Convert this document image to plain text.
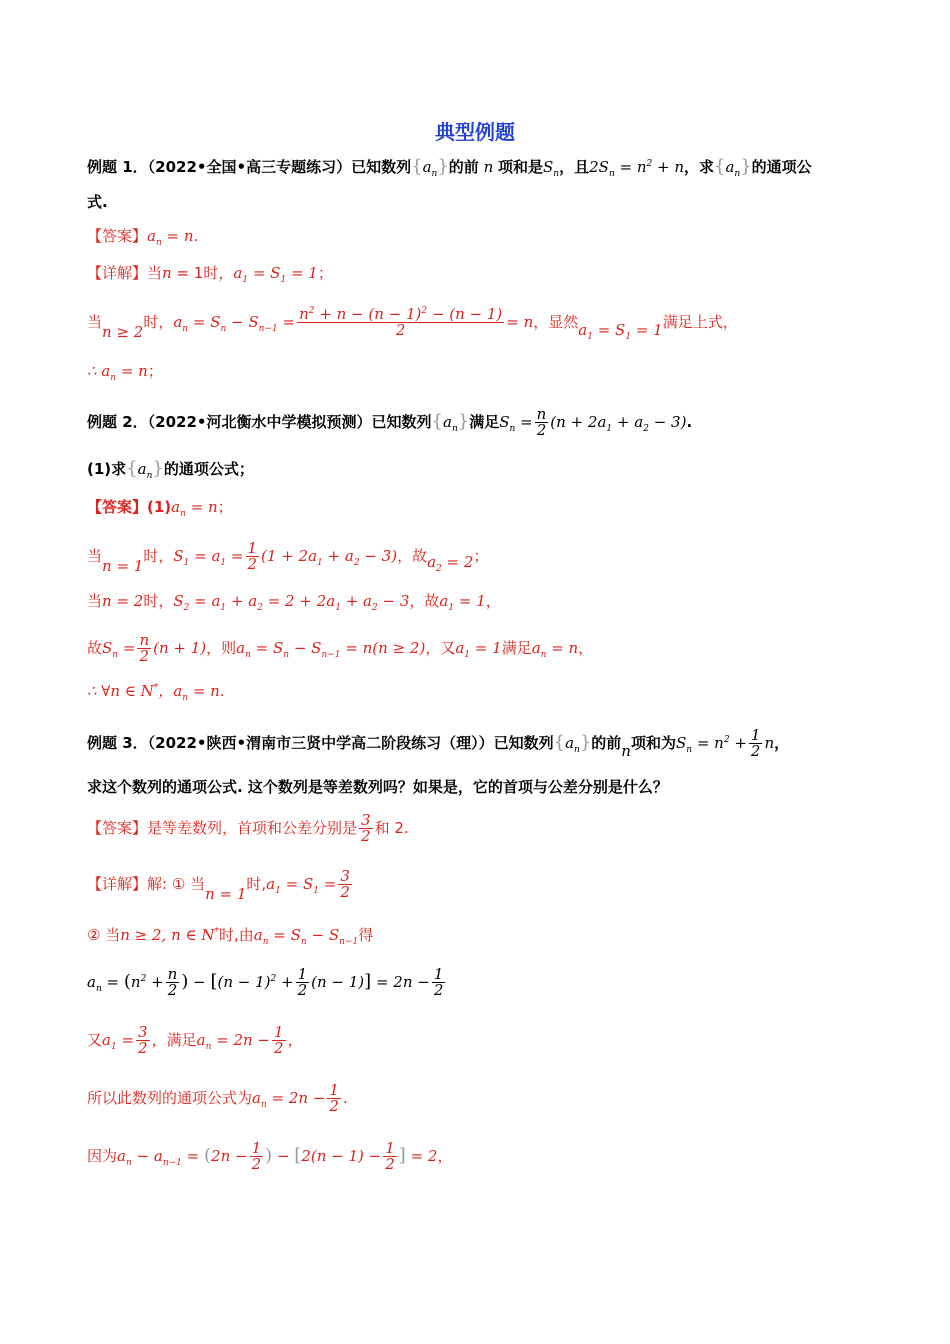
典型例题
例题 1．（2022•全国•高三专题练习）已知数列$\{a_n\}$的前 n 项和是$S_n$，且$2S_n = n^2 + n$，求$\{a_n\}$的通项公
式.
【答案】$a_n = n$.
【详解】当n = 1时，$a_1 = S_1 = 1$；
当n ≥ 2时，$a_n = S_n - S_{n-1} = \frac{n^2 + n - (n - 1)^2 - (n - 1)}{2} = n$，显然$a_1 = S_1 = 1$满足上式，
∴ $a_n = n$；
例题 2．（2022•河北衡水中学模拟预测）已知数列$\{a_n\}$满足$S_n = \frac{n}{2} (n + 2a_1 + a_2 - 3)$.
(1)求$\{a_n\}$的通项公式；
【答案】$(1)a_n = n$；
当n = 1时，$S_1 = a_1 = \frac{1}{2} (1 + 2a_1 + a_2 - 3)$，故$a_2 = 2$；
当n = 2时，$S_2 = a_1 + a_2 = 2 + 2a_1 + a_2 - 3$，故$a_1 = 1$，
故$S_n = \frac{n}{2} (n + 1)$，则$a_n = S_n - S_{n-1} = n(n \ge 2)$，又$a_1 = 1$满足$a_n = n$，
∴ ∀n ∈ N*，$a_n = n$.
例题 3．（2022•陕西•渭南市三贤中学高二阶段练习（理））已知数列$\{a_n\}$的前n项和为$S_n = n^2 + \frac{1}{2}$ n，
求这个数列的通项公式. 这个数列是等差数列吗？如果是，它的首项与公差分别是什么？
【答案】是等差数列，首项和公差分别是 $\frac{3}{2}$ 和 2.
【详解】解: ① 当n = 1时$,a_1 = S_1 = \frac{3}{2}$
② 当n ≥ 2, n ∈ N*时,由$a_n = S_n - S_{n-1}$得
$a_n = (n^2 + \frac{n}{2}$ ) − $[(n - 1)^2 + \frac{1}{2} (n - 1)] = 2n - \frac{1}{2}$
又$a_1 = \frac{3}{2}$ ，满足$a_n = 2n - \frac{1}{2}$ ，
所以此数列的通项公式为$a_n = 2n - \frac{1}{2}$ .
因为$a_n - a_{n-1} = (2n - \frac{1}{2}$ ) − [$2(n - 1) - \frac{1}{2}$ ] = 2，
